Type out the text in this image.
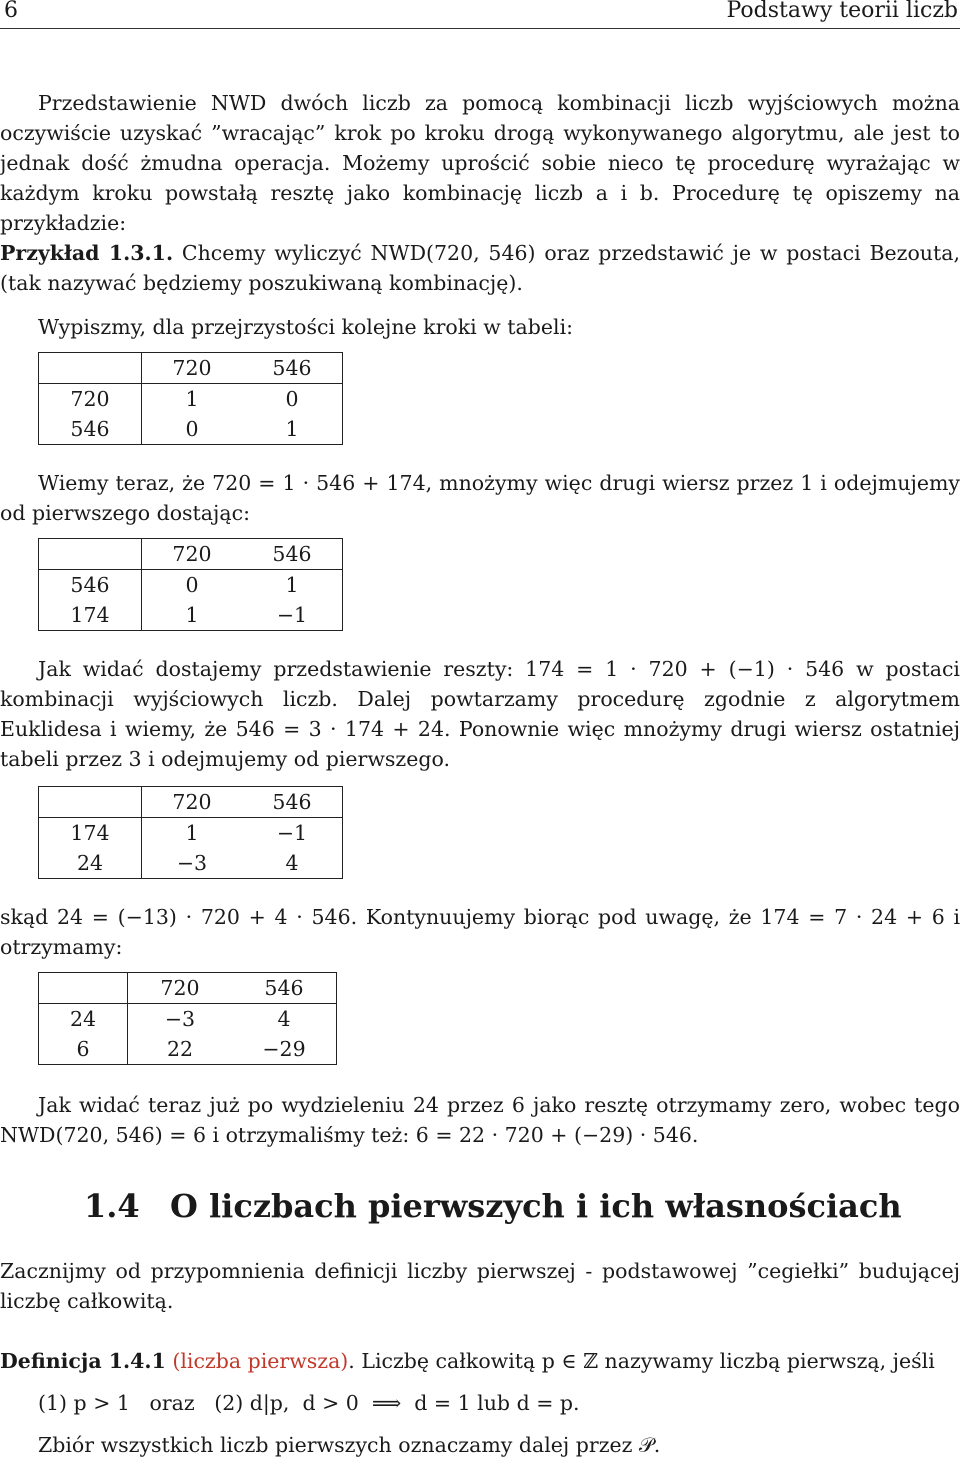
6	Podstawy teorii liczb

Przedstawienie NWD dwóch liczb za pomocą kombinacji liczb wyjściowych można oczywiście uzyskać ”wracając” krok po kroku drogą wykonywanego algorytmu, ale jest to jednak dość żmudna operacja. Możemy uprościć sobie nieco tę procedurę wyrażając w każdym kroku powstałą resztę jako kombinację liczb a i b. Procedurę tę opiszemy na przykładzie:

Przykład 1.3.1. Chcemy wyliczyć NWD(720, 546) oraz przedstawić je w postaci Bezouta, (tak nazywać będziemy poszukiwaną kombinację).

Wypiszmy, dla przejrzystości kolejne kroki w tabeli:

	720	546
720	1	0
546	0	1

Wiemy teraz, że 720 = 1 · 546 + 174, mnożymy więc drugi wiersz przez 1 i odejmujemy od pierwszego dostając:

	720	546
546	0	1
174	1	−1

Jak widać dostajemy przedstawienie reszty: 174 = 1 · 720 + (−1) · 546 w postaci kombinacji wyjściowych liczb. Dalej powtarzamy procedurę zgodnie z algorytmem Euklidesa i wiemy, że 546 = 3 · 174 + 24. Ponownie więc mnożymy drugi wiersz ostatniej tabeli przez 3 i odejmujemy od pierwszego.

	720	546
174	1	−1
24	−3	4

skąd 24 = (−13) · 720 + 4 · 546. Kontynuujemy biorąc pod uwagę, że 174 = 7 · 24 + 6 i otrzymamy:

	720	546
24	−3	4
6	22	−29

Jak widać teraz już po wydzieleniu 24 przez 6 jako resztę otrzymamy zero, wobec tego NWD(720, 546) = 6 i otrzymaliśmy też: 6 = 22 · 720 + (−29) · 546.

1.4 O liczbach pierwszych i ich własnościach

Zacznijmy od przypomnienia definicji liczby pierwszej - podstawowej ”cegiełki” budującej liczbę całkowitą.

Definicja 1.4.1 (liczba pierwsza). Liczbę całkowitą p ∈ ℤ nazywamy liczbą pierwszą, jeśli
(1) p > 1   oraz   (2) d|p,  d > 0  ⟹  d = 1 lub d = p.
Zbiór wszystkich liczb pierwszych oznaczamy dalej przez 𝒫.
